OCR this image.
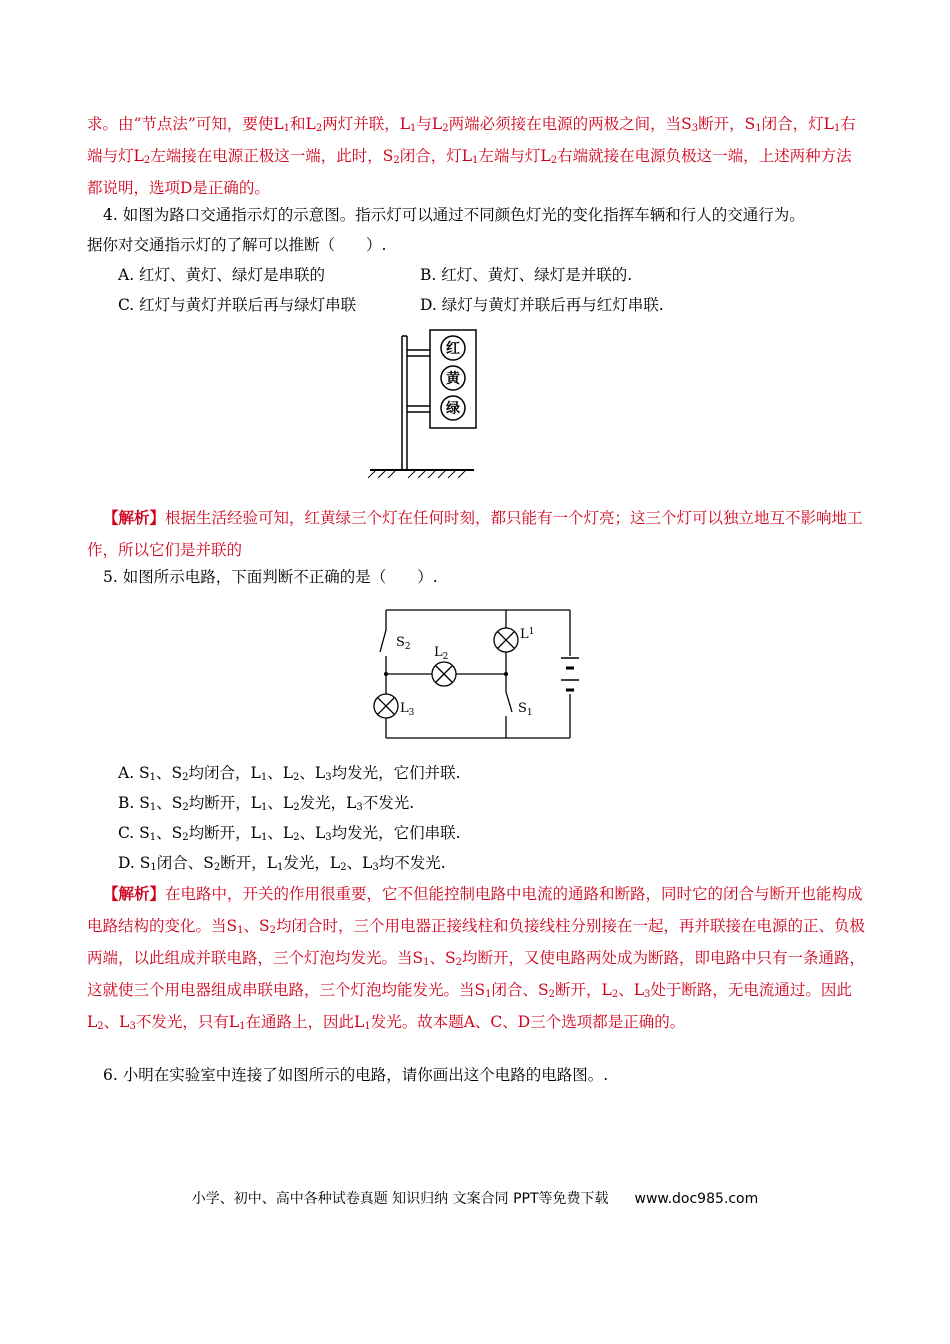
求。由“节点法”可知，要使$L_1$和$L_2$两灯并联，$L_1$与$L_2$两端必须接在电源的两极之间，当$S_3$断开，$S_1$闭合，灯$L_1$右端与灯$L_2$左端接在电源正极这一端，此时，$S_2$闭合，灯$L_1$左端与灯$L_2$右端就接在电源负极这一端，上述两种方法都说明，选项D是正确的。

4. 如图为路口交通指示灯的示意图。指示灯可以通过不同颜色灯光的变化指挥车辆和行人的交通行为。
据你对交通指示灯的了解可以推断（　　）.
A. 红灯、黄灯、绿灯是串联的	B. 红灯、黄灯、绿灯是并联的.
C. 红灯与黄灯并联后再与绿灯串联	D. 绿灯与黄灯并联后再与红灯串联.
红
黄
绿

【解析】根据生活经验可知，红黄绿三个灯在任何时刻，都只能有一个灯亮；这三个灯可以独立地互不影响地工作，所以它们是并联的

5. 如图所示电路，下面判断不正确的是（　　）.
$S_2$ $L_2$
$L^1$
$L_3$	$S_1$
A. $S_1$、$S_2$均闭合，$L_1$、$L_2$、$L_3$均发光，它们并联.
B. $S_1$、$S_2$均断开，$L_1$、$L_2$发光，$L_3$不发光.
C. $S_1$、$S_2$均断开，$L_1$、$L_2$、$L_3$均发光，它们串联.
D. $S_1$闭合、$S_2$断开，$L_1$发光，$L_2$、$L_3$均不发光.

【解析】在电路中，开关的作用很重要，它不但能控制电路中电流的通路和断路，同时它的闭合与断开也能构成电路结构的变化。当$S_1$、$S_2$均闭合时，三个用电器正接线柱和负接线柱分别接在一起，再并联接在电源的正、负极两端，以此组成并联电路，三个灯泡均发光。当$S_1$、$S_2$均断开，又使电路两处成为断路，即电路中只有一条通路，这就使三个用电器组成串联电路，三个灯泡均能发光。当$S_1$闭合、$S_2$断开，$L_2$、$L_3$处于断路，无电流通过。因此$L_2$、$L_3$不发光，只有$L_1$在通路上，因此$L_1$发光。故本题A、C、D三个选项都是正确的。

6. 小明在实验室中连接了如图所示的电路，请你画出这个电路的电路图。.
小学、初中、高中各种试卷真题 知识归纳 文案合同 PPT等免费下载 www.doc985.com
